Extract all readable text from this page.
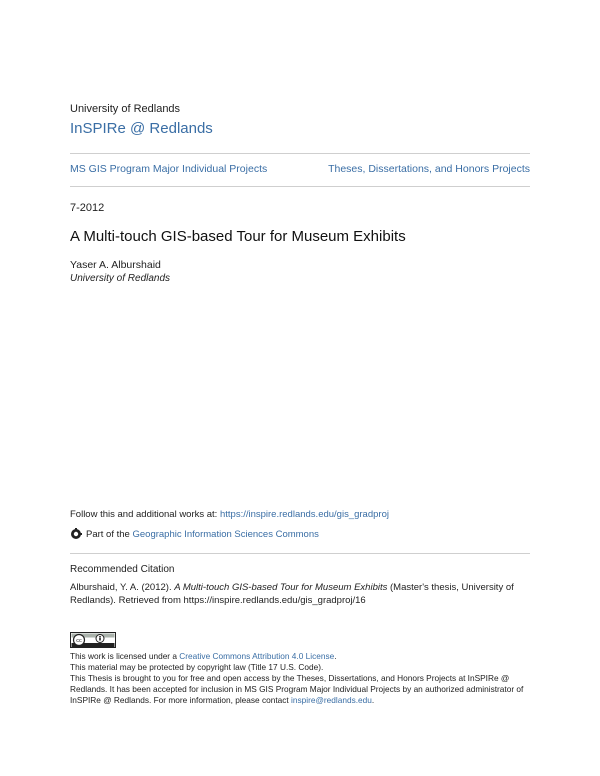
University of Redlands
InSPIRe @ Redlands
MS GIS Program Major Individual Projects	Theses, Dissertations, and Honors Projects
7-2012
A Multi-touch GIS-based Tour for Museum Exhibits
Yaser A. Alburshaid
University of Redlands
Follow this and additional works at: https://inspire.redlands.edu/gis_gradproj
Part of the Geographic Information Sciences Commons
Recommended Citation
Alburshaid, Y. A. (2012). A Multi-touch GIS-based Tour for Museum Exhibits (Master's thesis, University of Redlands). Retrieved from https://inspire.redlands.edu/gis_gradproj/16
cc
This work is licensed under a Creative Commons Attribution 4.0 License.
This material may be protected by copyright law (Title 17 U.S. Code).
This Thesis is brought to you for free and open access by the Theses, Dissertations, and Honors Projects at InSPIRe @ Redlands. It has been accepted for inclusion in MS GIS Program Major Individual Projects by an authorized administrator of InSPIRe @ Redlands. For more information, please contact inspire@redlands.edu.
